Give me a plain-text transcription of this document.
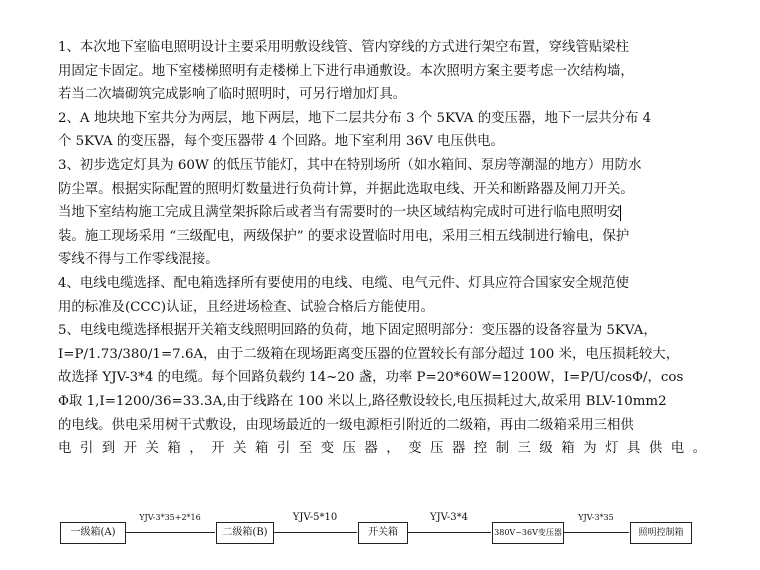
1、本次地下室临电照明设计主要采用明敷设线管、管内穿线的方式进行架空布置，穿线管贴梁柱
用固定卡固定。地下室楼梯照明有走楼梯上下进行串通敷设。本次照明方案主要考虑一次结构墙，
若当二次墙砌筑完成影响了临时照明时，可另行增加灯具。
2、A 地块地下室共分为两层，地下两层，地下二层共分布 3 个 5KVA 的变压器，地下一层共分布 4
个 5KVA 的变压器，每个变压器带 4 个回路。地下室利用 36V 电压供电。
3、初步选定灯具为 60W 的低压节能灯，其中在特别场所（如水箱间、泵房等潮湿的地方）用防水
防尘罩。根据实际配置的照明灯数量进行负荷计算，并据此选取电线、开关和断路器及闸刀开关。
当地下室结构施工完成且满堂架拆除后或者当有需要时的一块区域结构完成时可进行临电照明安
装。施工现场采用 “三级配电，两级保护” 的要求设置临时用电，采用三相五线制进行输电，保护
零线不得与工作零线混接。
4、电线电缆选择、配电箱选择所有要使用的电线、电缆、电气元件、灯具应符合国家安全规范使
用的标准及(CCC)认证，且经进场检查、试验合格后方能使用。
5、电线电缆选择根据开关箱支线照明回路的负荷，地下固定照明部分：变压器的设备容量为 5KVA，
I=P/1.73/380/1=7.6A，由于二级箱在现场距离变压器的位置较长有部分超过 100 米，电压损耗较大，
故选择 YJV-3*4 的电缆。每个回路负载约 14~20 盏，功率 P=20*60W=1200W，I=P/U/cosΦ/，cos
Φ取 1,I=1200/36=33.3A,由于线路在 100 米以上,路径敷设较长,电压损耗过大,故采用 BLV-10mm2
的电线。供电采用树干式敷设，由现场最近的一级电源柜引附近的二级箱，再由二级箱采用三相供
电引到开关箱，开关箱引至变压器，变压器控制三级箱为灯具供电。
一级箱(A)
YJV-3*35+2*16
二级箱(B)
YJV-5*10
开关箱
YJV-3*4
380V~36V变压器
YJV-3*35
照明控制箱
